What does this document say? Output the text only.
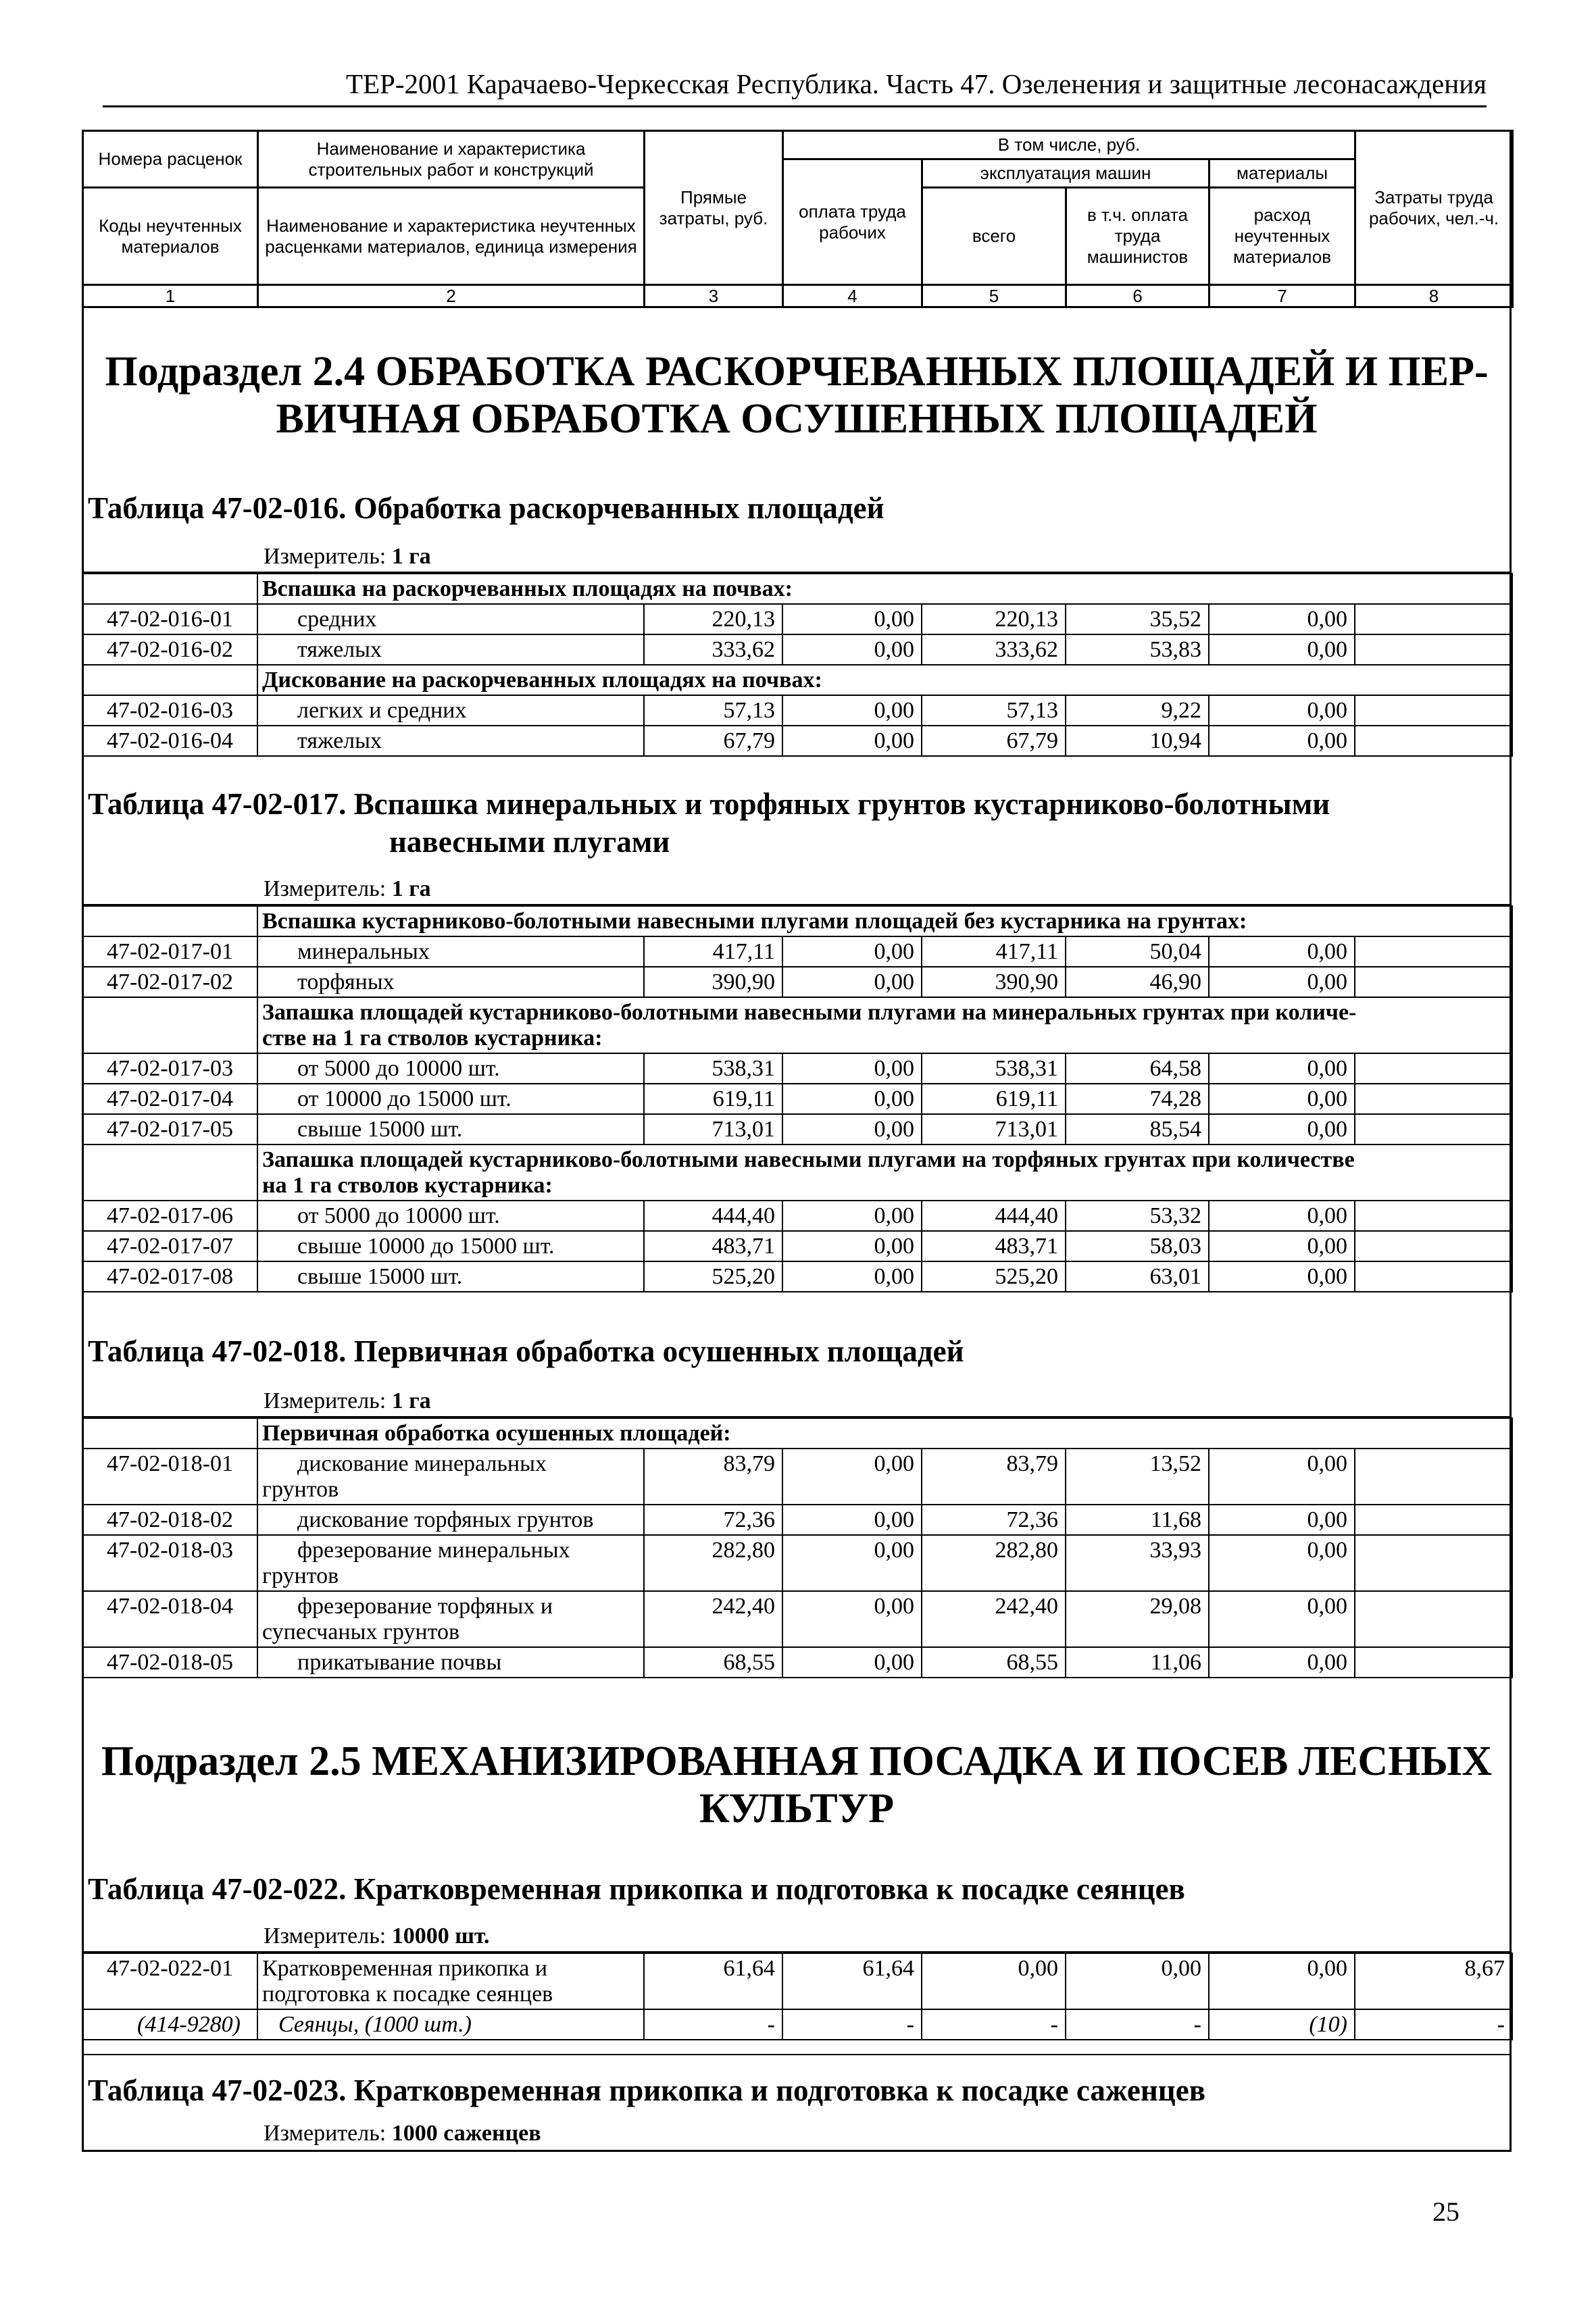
ТЕР-2001 Карачаево-Черкесская Республика. Часть 47. Озеленения и защитные лесонасаждения
Номера расценок	Наименование и характеристика строительных работ и конструкций	Прямые затраты, руб.	В том числе, руб.				Затраты труда рабочих, чел.-ч.
			оплата труда рабочих	эксплуатация машин		материалы	
Коды неучтенных материалов	Наименование и характеристика неучтенных расценками материалов, единица измерения			всего	в т.ч. оплата труда машинистов	расход неучтенных материалов	

1	2	3	4	5	6	7	8
Подраздел 2.4 ОБРАБОТКА РАСКОРЧЕВАННЫХ ПЛОЩАДЕЙ И ПЕР-
ВИЧНАЯ ОБРАБОТКА ОСУШЕННЫХ ПЛОЩАДЕЙ
Таблица 47-02-016. Обработка раскорчеванных площадей
Измеритель: 1 га
	Вспашка на раскорчеванных площадях на почвах:						
47-02-016-01	средних	220,13	0,00	220,13	35,52	0,00	
47-02-016-02	тяжелых	333,62	0,00	333,62	53,83	0,00	
	Дискование на раскорчеванных площадях на почвах:						
47-02-016-03	легких и средних	57,13	0,00	57,13	9,22	0,00	
47-02-016-04	тяжелых	67,79	0,00	67,79	10,94	0,00	
Таблица 47-02-017. Вспашка минеральных и торфяных грунтов кустарниково-болотными
навесными плугами
Измеритель: 1 га
	Вспашка кустарниково-болотными навесными плугами площадей без кустарника на грунтах:						
47-02-017-01	минеральных	417,11	0,00	417,11	50,04	0,00	
47-02-017-02	торфяных	390,90	0,00	390,90	46,90	0,00	
	Запашка площадей кустарниково-болотными навесными плугами на минеральных грунтах при количе-
стве на 1 га стволов кустарника:						
47-02-017-03	от 5000 до 10000 шт.	538,31	0,00	538,31	64,58	0,00	
47-02-017-04	от 10000 до 15000 шт.	619,11	0,00	619,11	74,28	0,00	
47-02-017-05	свыше 15000 шт.	713,01	0,00	713,01	85,54	0,00	
	Запашка площадей кустарниково-болотными навесными плугами на торфяных грунтах при количестве
на 1 га стволов кустарника:						
47-02-017-06	от 5000 до 10000 шт.	444,40	0,00	444,40	53,32	0,00	
47-02-017-07	свыше 10000 до 15000 шт.	483,71	0,00	483,71	58,03	0,00	
47-02-017-08	свыше 15000 шт.	525,20	0,00	525,20	63,01	0,00	
Таблица 47-02-018. Первичная обработка осушенных площадей
Измеритель: 1 га
	Первичная обработка осушенных площадей:						
47-02-018-01	дискование минеральных
грунтов	83,79	0,00	83,79	13,52	0,00	
47-02-018-02	дискование торфяных грунтов	72,36	0,00	72,36	11,68	0,00	
47-02-018-03	фрезерование минеральных
грунтов	282,80	0,00	282,80	33,93	0,00	
47-02-018-04	фрезерование торфяных и
супесчаных грунтов	242,40	0,00	242,40	29,08	0,00	
47-02-018-05	прикатывание почвы	68,55	0,00	68,55	11,06	0,00	
Подраздел 2.5 МЕХАНИЗИРОВАННАЯ ПОСАДКА И ПОСЕВ ЛЕСНЫХ
КУЛЬТУР
Таблица 47-02-022. Кратковременная прикопка и подготовка к посадке сеянцев
Измеритель: 10000 шт.
47-02-022-01	Кратковременная прикопка и
подготовка к посадке сеянцев	61,64	61,64	0,00	0,00	0,00	8,67
(414-9280)	Сеянцы, (1000 шт.)	-	-	-	-	(10)	-
Таблица 47-02-023. Кратковременная прикопка и подготовка к посадке саженцев
Измеритель: 1000 саженцев
25
